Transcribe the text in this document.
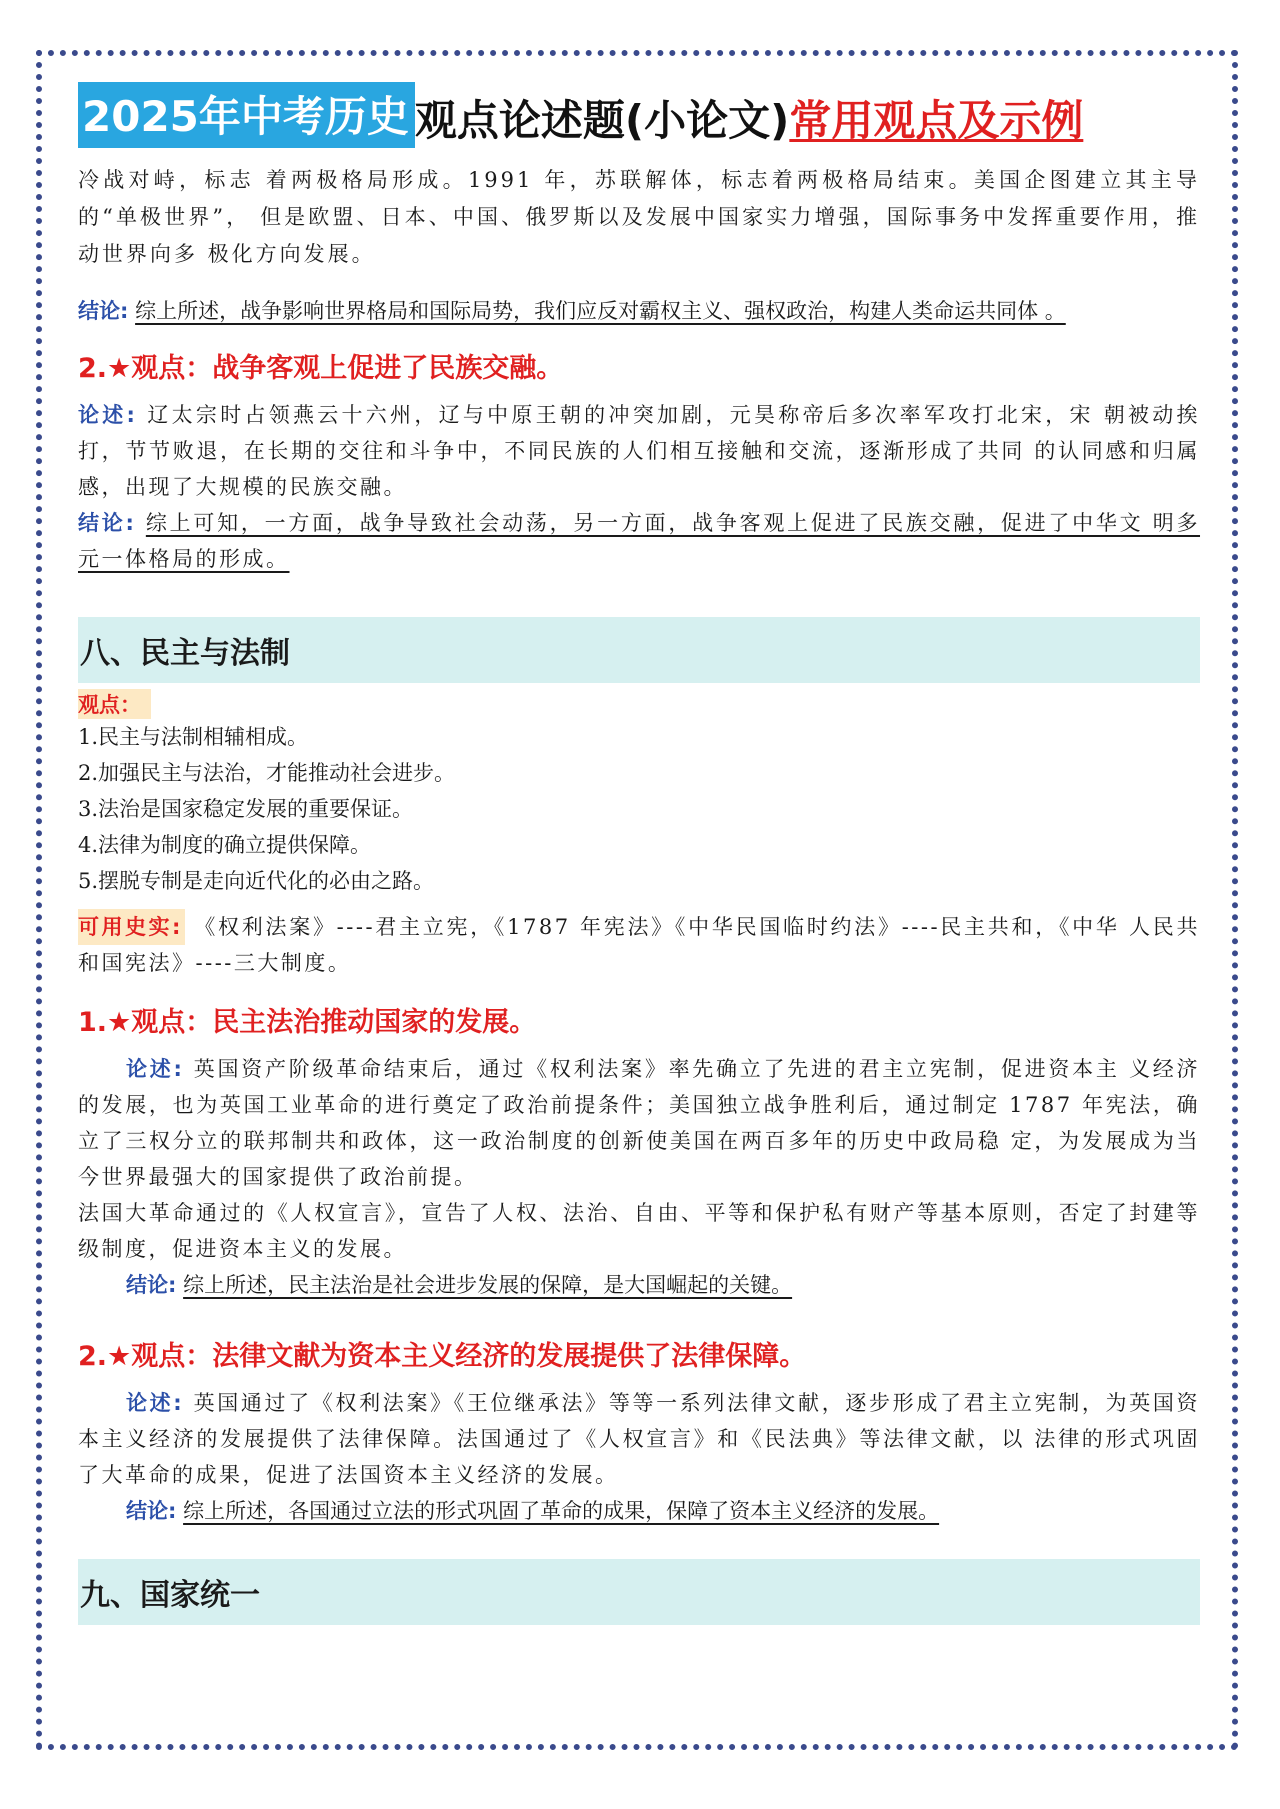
2025年中考历史 观点论述题(小论文) 常用观点及示例

冷战对峙，标志 着两极格局形成。1991 年，苏联解体，标志着两极格局结束。美国企图建立其主导的“单极世界”， 但是欧盟、日本、中国、俄罗斯以及发展中国家实力增强，国际事务中发挥重要作用，推动世界向多 极化方向发展。

结论: 综上所述，战争影响世界格局和国际局势，我们应反对霸权主义、强权政治，构建人类命运共同体 。

2.★观点：战争客观上促进了民族交融。

论述: 辽太宗时占领燕云十六州，辽与中原王朝的冲突加剧，元昊称帝后多次率军攻打北宋，宋 朝被动挨打，节节败退，在长期的交往和斗争中，不同民族的人们相互接触和交流，逐渐形成了共同 的认同感和归属感，出现了大规模的民族交融。

结论: 综上可知，一方面，战争导致社会动荡，另一方面，战争客观上促进了民族交融，促进了中华文 明多元一体格局的形成。

八、民主与法制
观点：

1.民主与法制相辅相成。

2.加强民主与法治，才能推动社会进步。

3.法治是国家稳定发展的重要保证。

4.法律为制度的确立提供保障。

5.摆脱专制是走向近代化的必由之路。

可用史实: 《权利法案》----君主立宪，《1787 年宪法》《中华民国临时约法》----民主共和，《中华 人民共和国宪法》----三大制度。

1.★观点：民主法治推动国家的发展。

论述: 英国资产阶级革命结束后，通过《权利法案》率先确立了先进的君主立宪制，促进资本主 义经济的发展，也为英国工业革命的进行奠定了政治前提条件；美国独立战争胜利后，通过制定 1787 年宪法，确立了三权分立的联邦制共和政体，这一政治制度的创新使美国在两百多年的历史中政局稳 定，为发展成为当今世界最强大的国家提供了政治前提。

法国大革命通过的《人权宣言》，宣告了人权、法治、自由、平等和保护私有财产等基本原则，否定了封建等级制度，促进资本主义的发展。

结论: 综上所述，民主法治是社会进步发展的保障，是大国崛起的关键。

2.★观点：法律文献为资本主义经济的发展提供了法律保障。

论述: 英国通过了《权利法案》《王位继承法》等等一系列法律文献，逐步形成了君主立宪制，为英国资本主义经济的发展提供了法律保障。法国通过了《人权宣言》和《民法典》等法律文献，以 法律的形式巩固了大革命的成果，促进了法国资本主义经济的发展。

结论: 综上所述，各国通过立法的形式巩固了革命的成果，保障了资本主义经济的发展。

九、国家统一
